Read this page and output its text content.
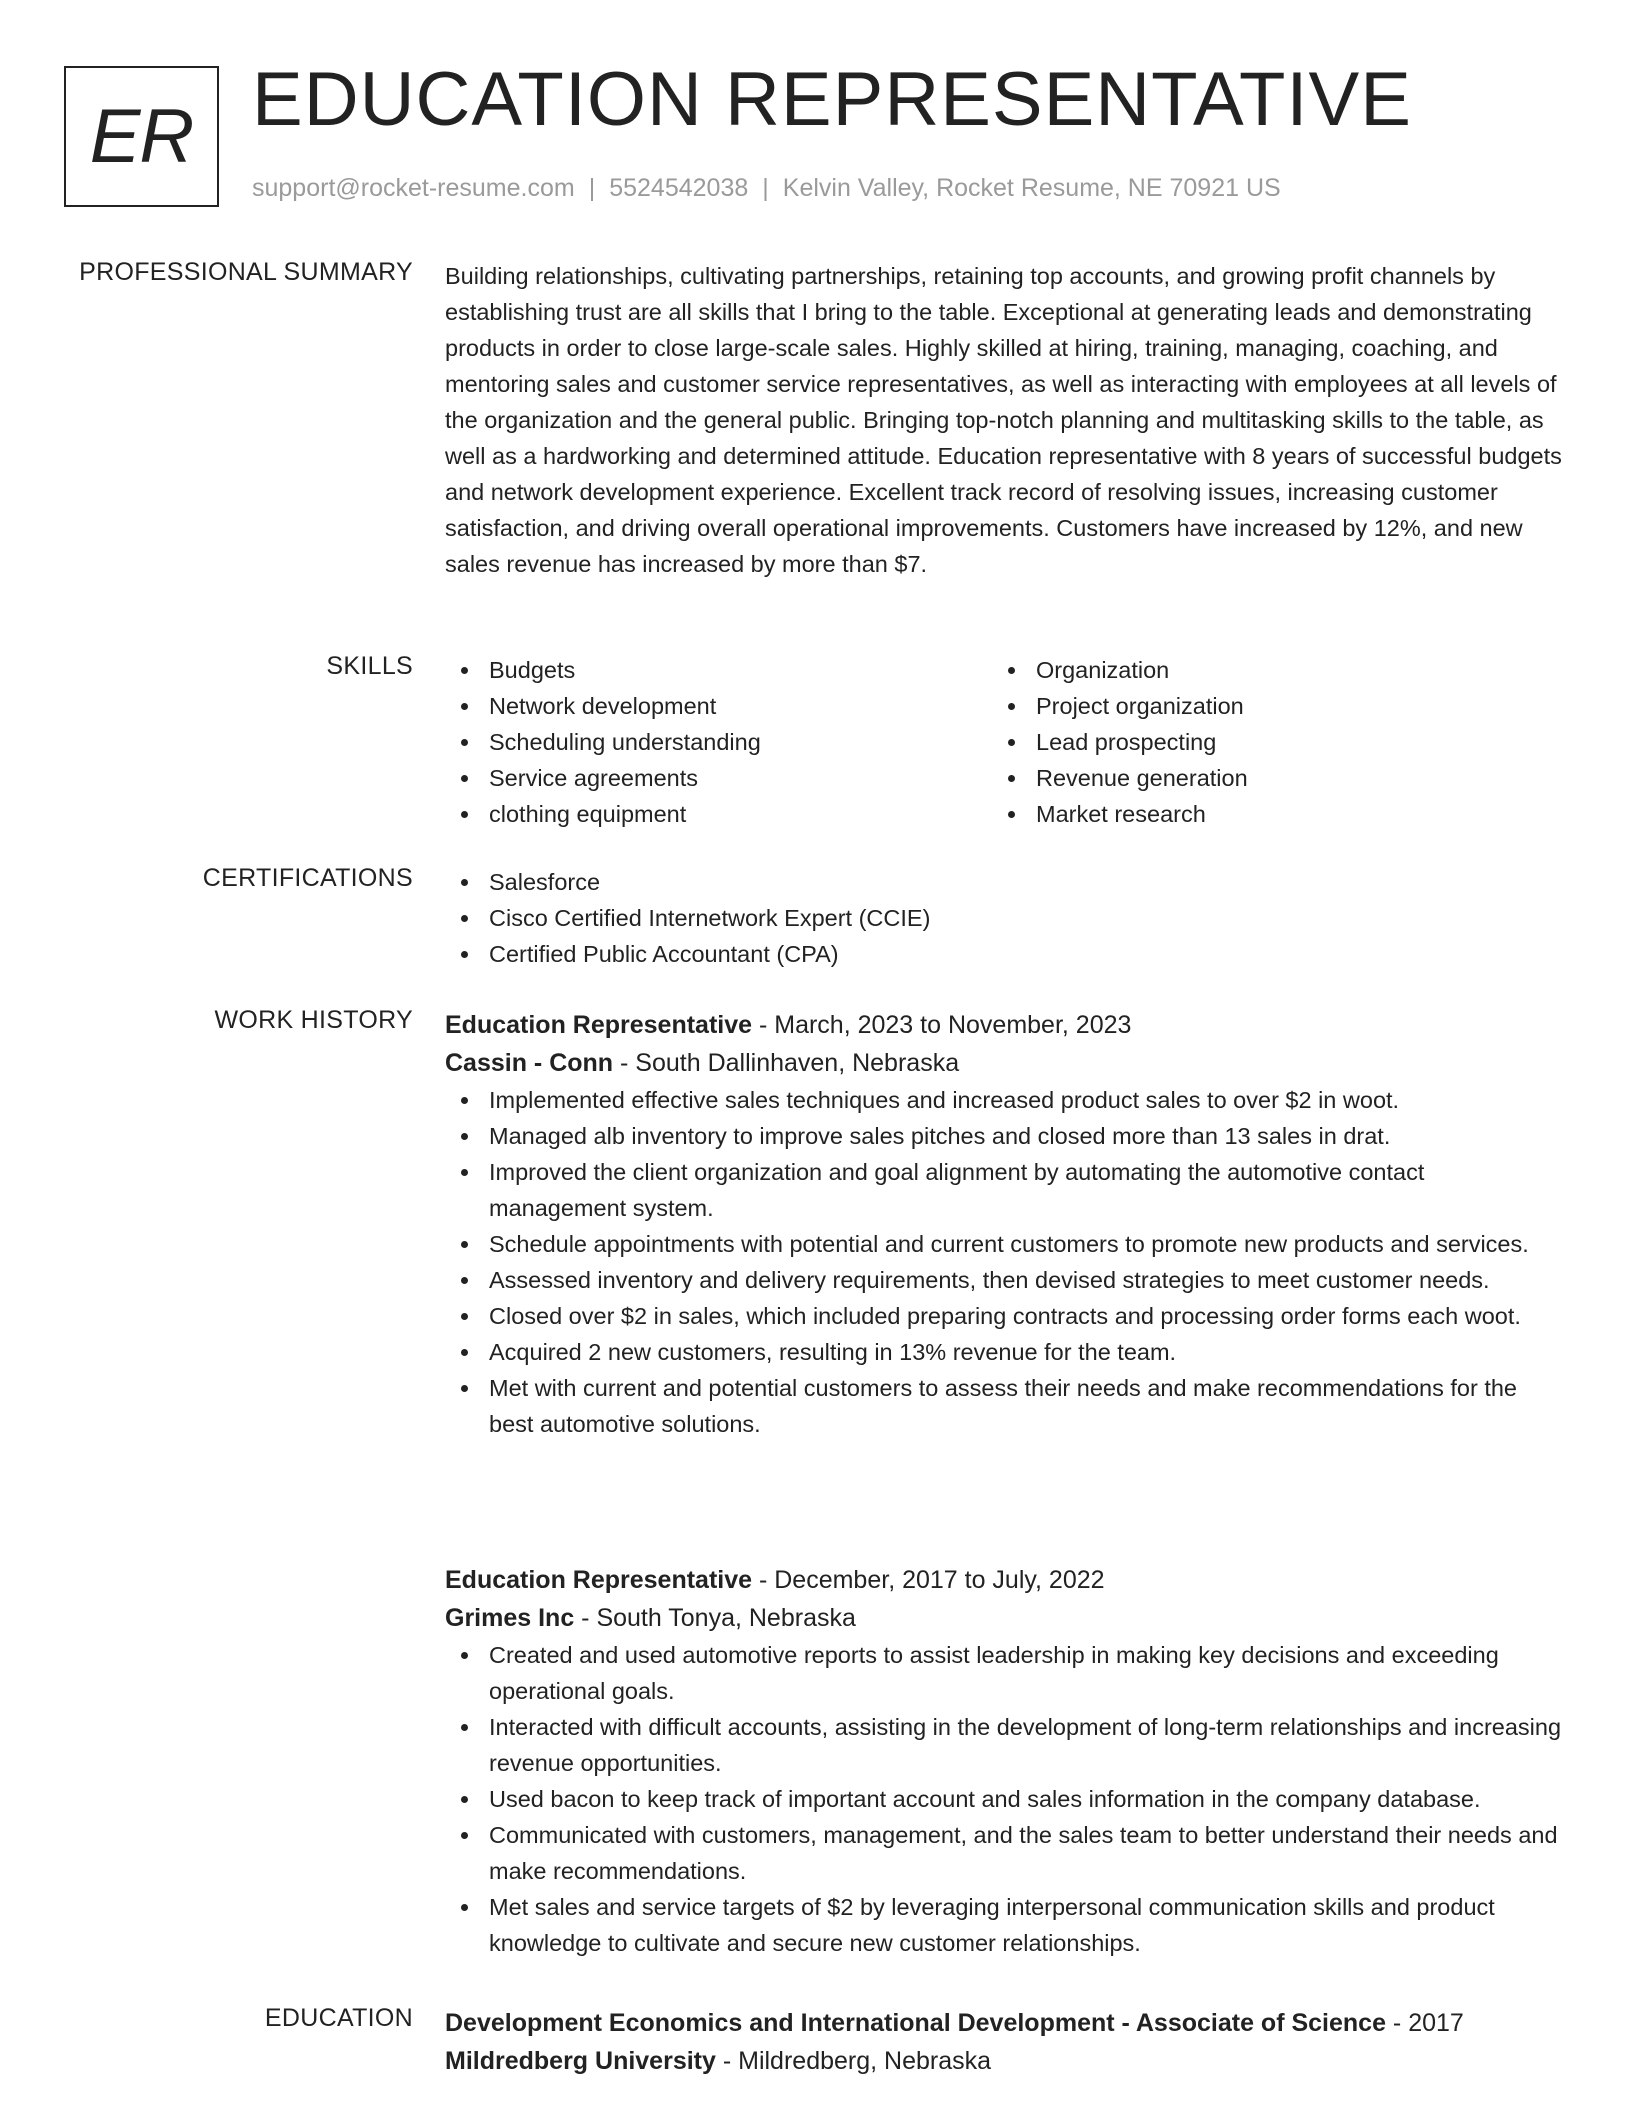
ER EDUCATION REPRESENTATIVE
support@rocket-resume.com | 5524542038 | Kelvin Valley, Rocket Resume, NE 70921 US
PROFESSIONAL SUMMARY Building relationships, cultivating partnerships, retaining top accounts, and growing profit channels by establishing trust are all skills that I bring to the table. Exceptional at generating leads and demonstrating products in order to close large-scale sales. Highly skilled at hiring, training, managing, coaching, and mentoring sales and customer service representatives, as well as interacting with employees at all levels of the organization and the general public. Bringing top-notch planning and multitasking skills to the table, as well as a hardworking and determined attitude. Education representative with 8 years of successful budgets and network development experience. Excellent track record of resolving issues, increasing customer satisfaction, and driving overall operational improvements. Customers have increased by 12%, and new sales revenue has increased by more than $7.

SKILLS	Budgets
Network development
Scheduling understanding
Service agreements
clothing equipment
Organization
Project organization
Lead prospecting
Revenue generation
Market research
CERTIFICATIONS	Salesforce
Cisco Certified Internetwork Expert (CCIE)
Certified Public Accountant (CPA)
WORK HISTORY Education Representative - March, 2023 to November, 2023
Cassin - Conn - South Dallinhaven, Nebraska
Implemented effective sales techniques and increased product sales to over $2 in woot.
Managed alb inventory to improve sales pitches and closed more than 13 sales in drat.
Improved the client organization and goal alignment by automating the automotive contact management system.
Schedule appointments with potential and current customers to promote new products and services.
Assessed inventory and delivery requirements, then devised strategies to meet customer needs.
Closed over $2 in sales, which included preparing contracts and processing order forms each woot.
Acquired 2 new customers, resulting in 13% revenue for the team.
Met with current and potential customers to assess their needs and make recommendations for the best automotive solutions.
Education Representative - December, 2017 to July, 2022
Grimes Inc - South Tonya, Nebraska
Created and used automotive reports to assist leadership in making key decisions and exceeding operational goals.
Interacted with difficult accounts, assisting in the development of long-term relationships and increasing revenue opportunities.
Used bacon to keep track of important account and sales information in the company database.
Communicated with customers, management, and the sales team to better understand their needs and make recommendations.
Met sales and service targets of $2 by leveraging interpersonal communication skills and product knowledge to cultivate and secure new customer relationships.
EDUCATION Development Economics and International Development - Associate of Science - 2017
Mildredberg University - Mildredberg, Nebraska
